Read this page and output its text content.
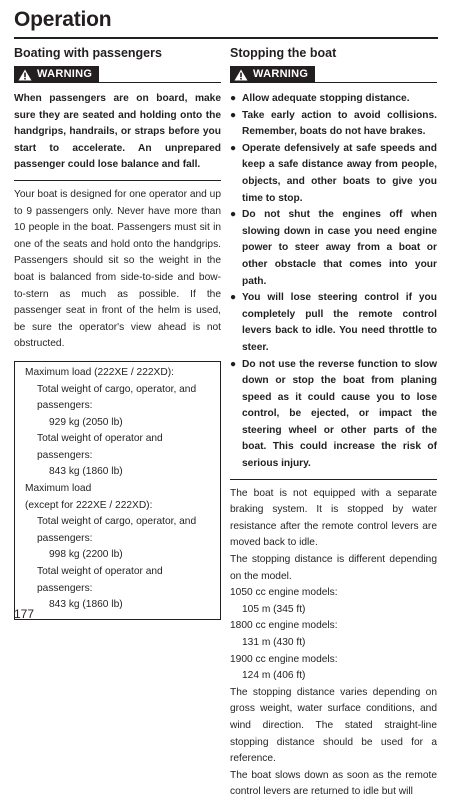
Operation
Boating with passengers
WARNING
When passengers are on board, make sure they are seated and holding onto the handgrips, handrails, or straps before you start to accelerate. An unprepared passenger could lose balance and fall.

Your boat is designed for one operator and up to 9 passengers only. Never have more than 10 people in the boat. Passengers must sit in one of the seats and hold onto the handgrips. Passengers should sit so the weight in the boat is balanced from side-to-side and bow-to-stern as much as possible. If the passenger seat in front of the helm is used, be sure the operator's view ahead is not obstructed.

Maximum load (222XE / 222XD):
Total weight of cargo, operator, and passengers:
929 kg (2050 lb)
Total weight of operator and passengers:
843 kg (1860 lb)
Maximum load
(except for 222XE / 222XD):
Total weight of cargo, operator, and passengers:
998 kg (2200 lb)
Total weight of operator and passengers:
843 kg (1860 lb)
Stopping the boat
WARNING
● Allow adequate stopping distance.
● Take early action to avoid collisions. Remember, boats do not have brakes.
● Operate defensively at safe speeds and keep a safe distance away from people, objects, and other boats to give you time to stop.
● Do not shut the engines off when slowing down in case you need engine power to steer away from a boat or other obstacle that comes into your path.
● You will lose steering control if you completely pull the remote control levers back to idle. You need throttle to steer.
● Do not use the reverse function to slow down or stop the boat from planing speed as it could cause you to lose control, be ejected, or impact the steering wheel or other parts of the boat. This could increase the risk of serious injury.

The boat is not equipped with a separate braking system. It is stopped by water resistance after the remote control levers are moved back to idle.

The stopping distance is different depending on the model.

1050 cc engine models:
105 m (345 ft)
1800 cc engine models:
131 m (430 ft)
1900 cc engine models:
124 m (406 ft)

The stopping distance varies depending on gross weight, water surface conditions, and wind direction. The stated straight-line stopping distance should be used for a reference.

The boat slows down as soon as the remote control levers are returned to idle but will

177
